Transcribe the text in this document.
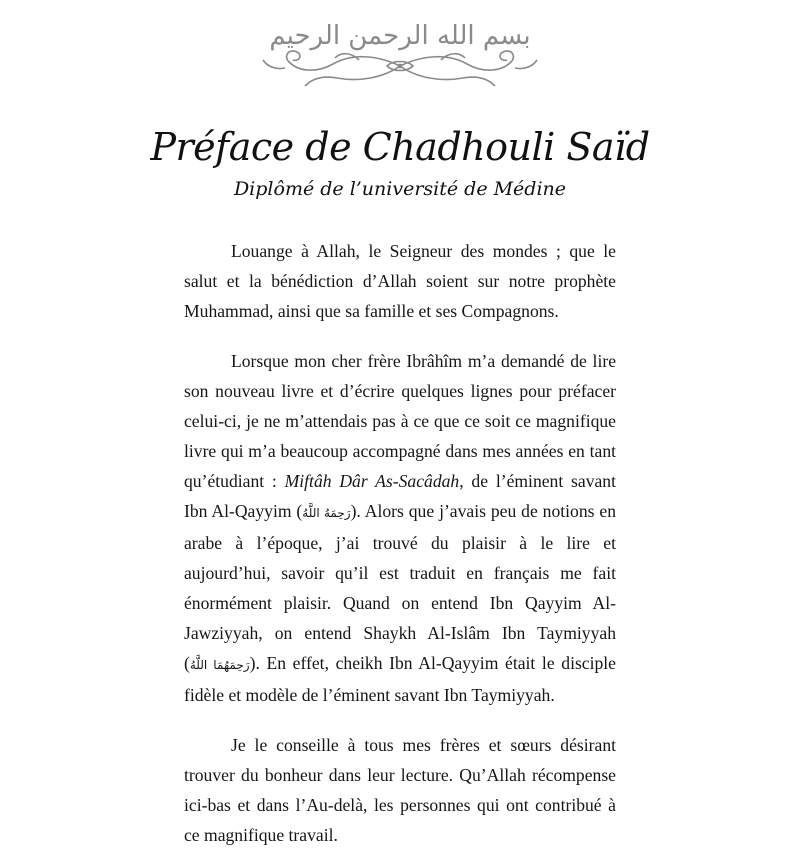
بسم الله الرحمن الرحيم
Préface de Chadhouli Saïd
Diplômé de l’université de Médine

Louange à Allah, le Seigneur des mondes ; que le salut et la bénédiction d’Allah soient sur notre prophète Muhammad, ainsi que sa famille et ses Compagnons.

Lorsque mon cher frère Ibrâhîm m’a demandé de lire son nouveau livre et d’écrire quelques lignes pour préfacer celui-ci, je ne m’attendais pas à ce que ce soit ce magnifique livre qui m’a beaucoup accompagné dans mes années en tant qu’étudiant : Miftâh Dâr As-Sacâdah, de l’éminent savant Ibn Al-Qayyim (رَحِمَهُ اللَّهُ). Alors que j’avais peu de notions en arabe à l’époque, j’ai trouvé du plaisir à le lire et aujourd’hui, savoir qu’il est traduit en français me fait énormément plaisir. Quand on entend Ibn Qayyim Al-Jawziyyah, on entend Shaykh Al-Islâm Ibn Taymiyyah (رَحِمَهُمَا اللَّهُ). En effet, cheikh Ibn Al-Qayyim était le disciple fidèle et modèle de l’éminent savant Ibn Taymiyyah.

Je le conseille à tous mes frères et sœurs désirant trouver du bonheur dans leur lecture. Qu’Allah récompense ici-bas et dans l’Au-delà, les personnes qui ont contribué à ce magnifique travail.
